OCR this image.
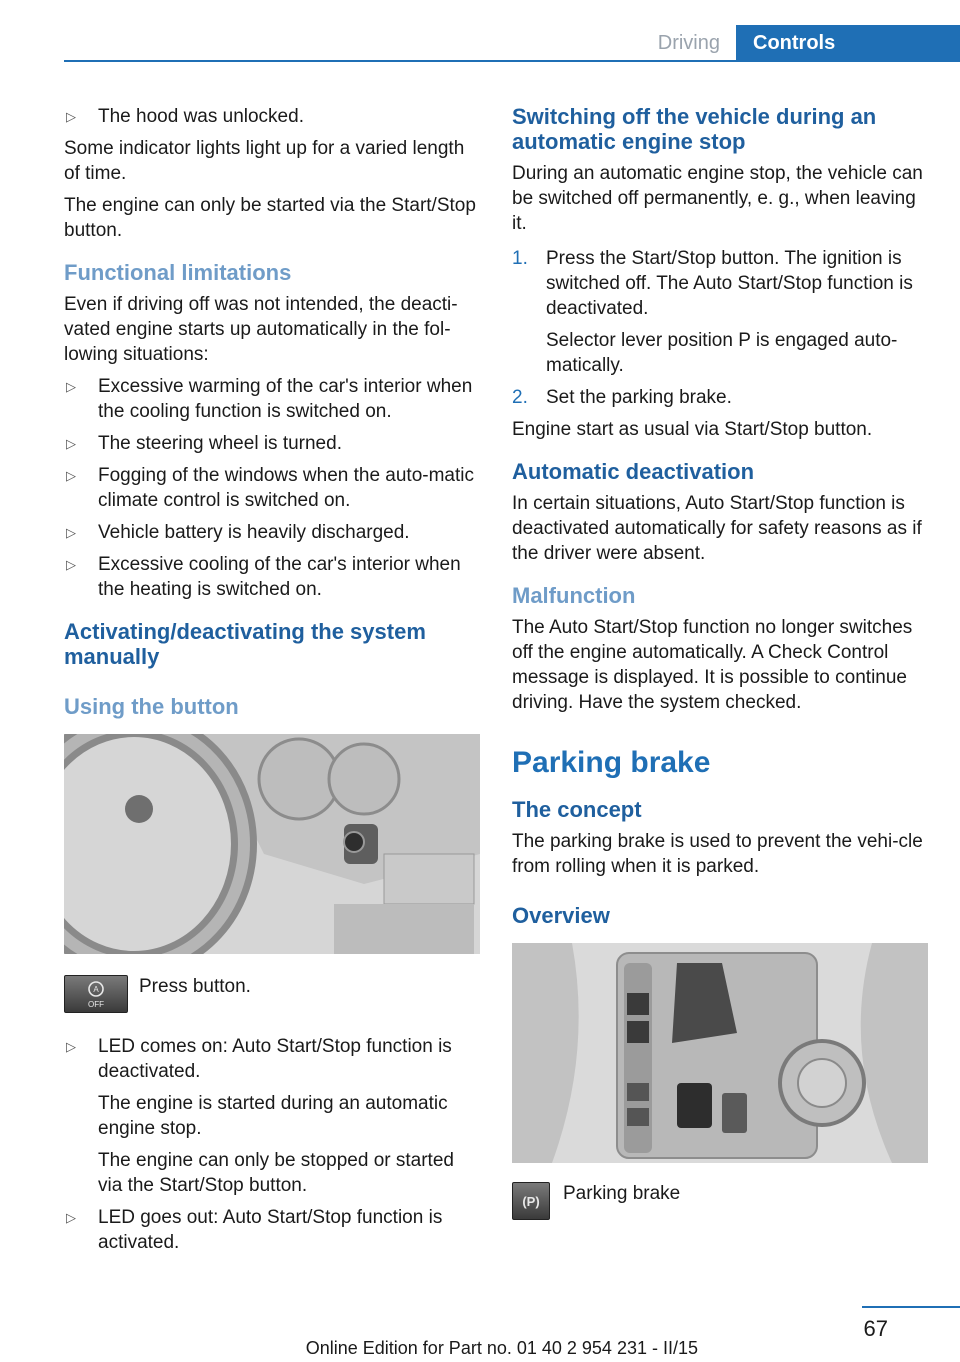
Driving	Controls
▷ The hood was unlocked.

Some indicator lights light up for a varied length of time.

The engine can only be started via the Start/Stop button.

Functional limitations

Even if driving off was not intended, the deacti‐vated engine starts up automatically in the fol‐lowing situations:

▷ Excessive warming of the car's interior when the cooling function is switched on.
▷ The steering wheel is turned.
▷ Fogging of the windows when the auto‐matic climate control is switched on.
▷ Vehicle battery is heavily discharged.
▷ Excessive cooling of the car's interior when the heating is switched on.
Activating/deactivating the system manually
Using the button
A
OFF
Press button.
▷ LED comes on: Auto Start/Stop function is deactivated.
The engine is started during an automatic engine stop.
The engine can only be stopped or started via the Start/Stop button.
▷ LED goes out: Auto Start/Stop function is activated.
Switching off the vehicle during an automatic engine stop

During an automatic engine stop, the vehicle can be switched off permanently, e. g., when leaving it.

1. Press the Start/Stop button. The ignition is switched off. The Auto Start/Stop function is deactivated.
Selector lever position P is engaged auto‐matically.
2. Set the parking brake.

Engine start as usual via Start/Stop button.

Automatic deactivation

In certain situations, Auto Start/Stop function is deactivated automatically for safety reasons as if the driver were absent.

Malfunction

The Auto Start/Stop function no longer switches off the engine automatically. A Check Control message is displayed. It is possible to continue driving. Have the system checked.

Parking brake
The concept

The parking brake is used to prevent the vehi‐cle from rolling when it is parked.

Overview
(P) Parking brake
67
Online Edition for Part no. 01 40 2 954 231 - II/15
